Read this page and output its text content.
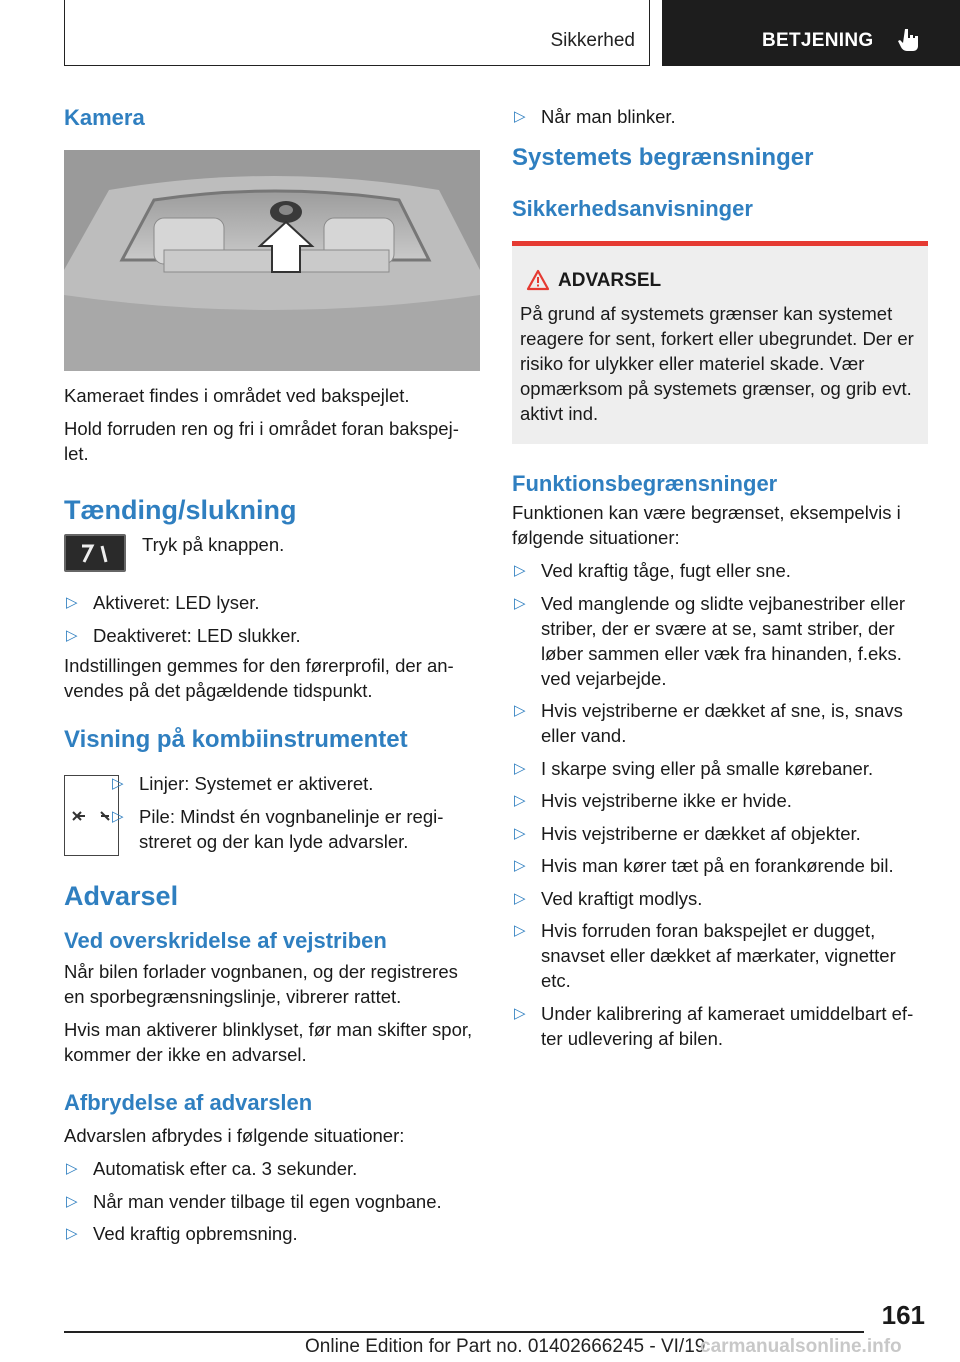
Sikkerhed	BETJENING
Kamera

Kameraet findes i området ved bakspejlet.

Hold forruden ren og fri i området foran bakspej‐let.

Tænding/slukning

Tryk på knappen.

▷ Aktiveret: LED lyser.
▷ Deaktiveret: LED slukker.

Indstillingen gemmes for den førerprofil, der an‐vendes på det pågældende tidspunkt.

Visning på kombiinstrumentet
▷ Linjer: Systemet er aktiveret.
▷ Pile: Mindst én vognbanelinje er regi‐streret og der kan lyde advarsler.
Advarsel
Ved overskridelse af vejstriben

Når bilen forlader vognbanen, og der registreres en sporbegrænsningslinje, vibrerer rattet.

Hvis man aktiverer blinklyset, før man skifter spor, kommer der ikke en advarsel.

Afbrydelse af advarslen

Advarslen afbrydes i følgende situationer:

▷ Automatisk efter ca. 3 sekunder.
▷ Når man vender tilbage til egen vognbane.
▷ Ved kraftig opbremsning.
▷ Når man blinker.
Systemets begrænsninger
Sikkerhedsanvisninger
ADVARSEL

På grund af systemets grænser kan systemet reagere for sent, forkert eller ubegrundet. Der er risiko for ulykker eller materiel skade. Vær opmærksom på systemets grænser, og grib evt. aktivt ind.

Funktionsbegrænsninger

Funktionen kan være begrænset, eksempelvis i følgende situationer:

▷ Ved kraftig tåge, fugt eller sne.
▷ Ved manglende og slidte vejbanestriber eller striber, der er svære at se, samt striber, der løber sammen eller væk fra hinanden, f.eks. ved vejarbejde.
▷ Hvis vejstriberne er dækket af sne, is, snavs eller vand.
▷ I skarpe sving eller på smalle kørebaner.
▷ Hvis vejstriberne ikke er hvide.
▷ Hvis vejstriberne er dækket af objekter.
▷ Hvis man kører tæt på en forankørende bil.
▷ Ved kraftigt modlys.
▷ Hvis forruden foran bakspejlet er dugget, snavset eller dækket af mærkater, vignetter etc.
▷ Under kalibrering af kameraet umiddelbart ef‐ter udlevering af bilen.
161
Online Edition for Part no. 01402666245 - VI/19
carmanualsonline.info
